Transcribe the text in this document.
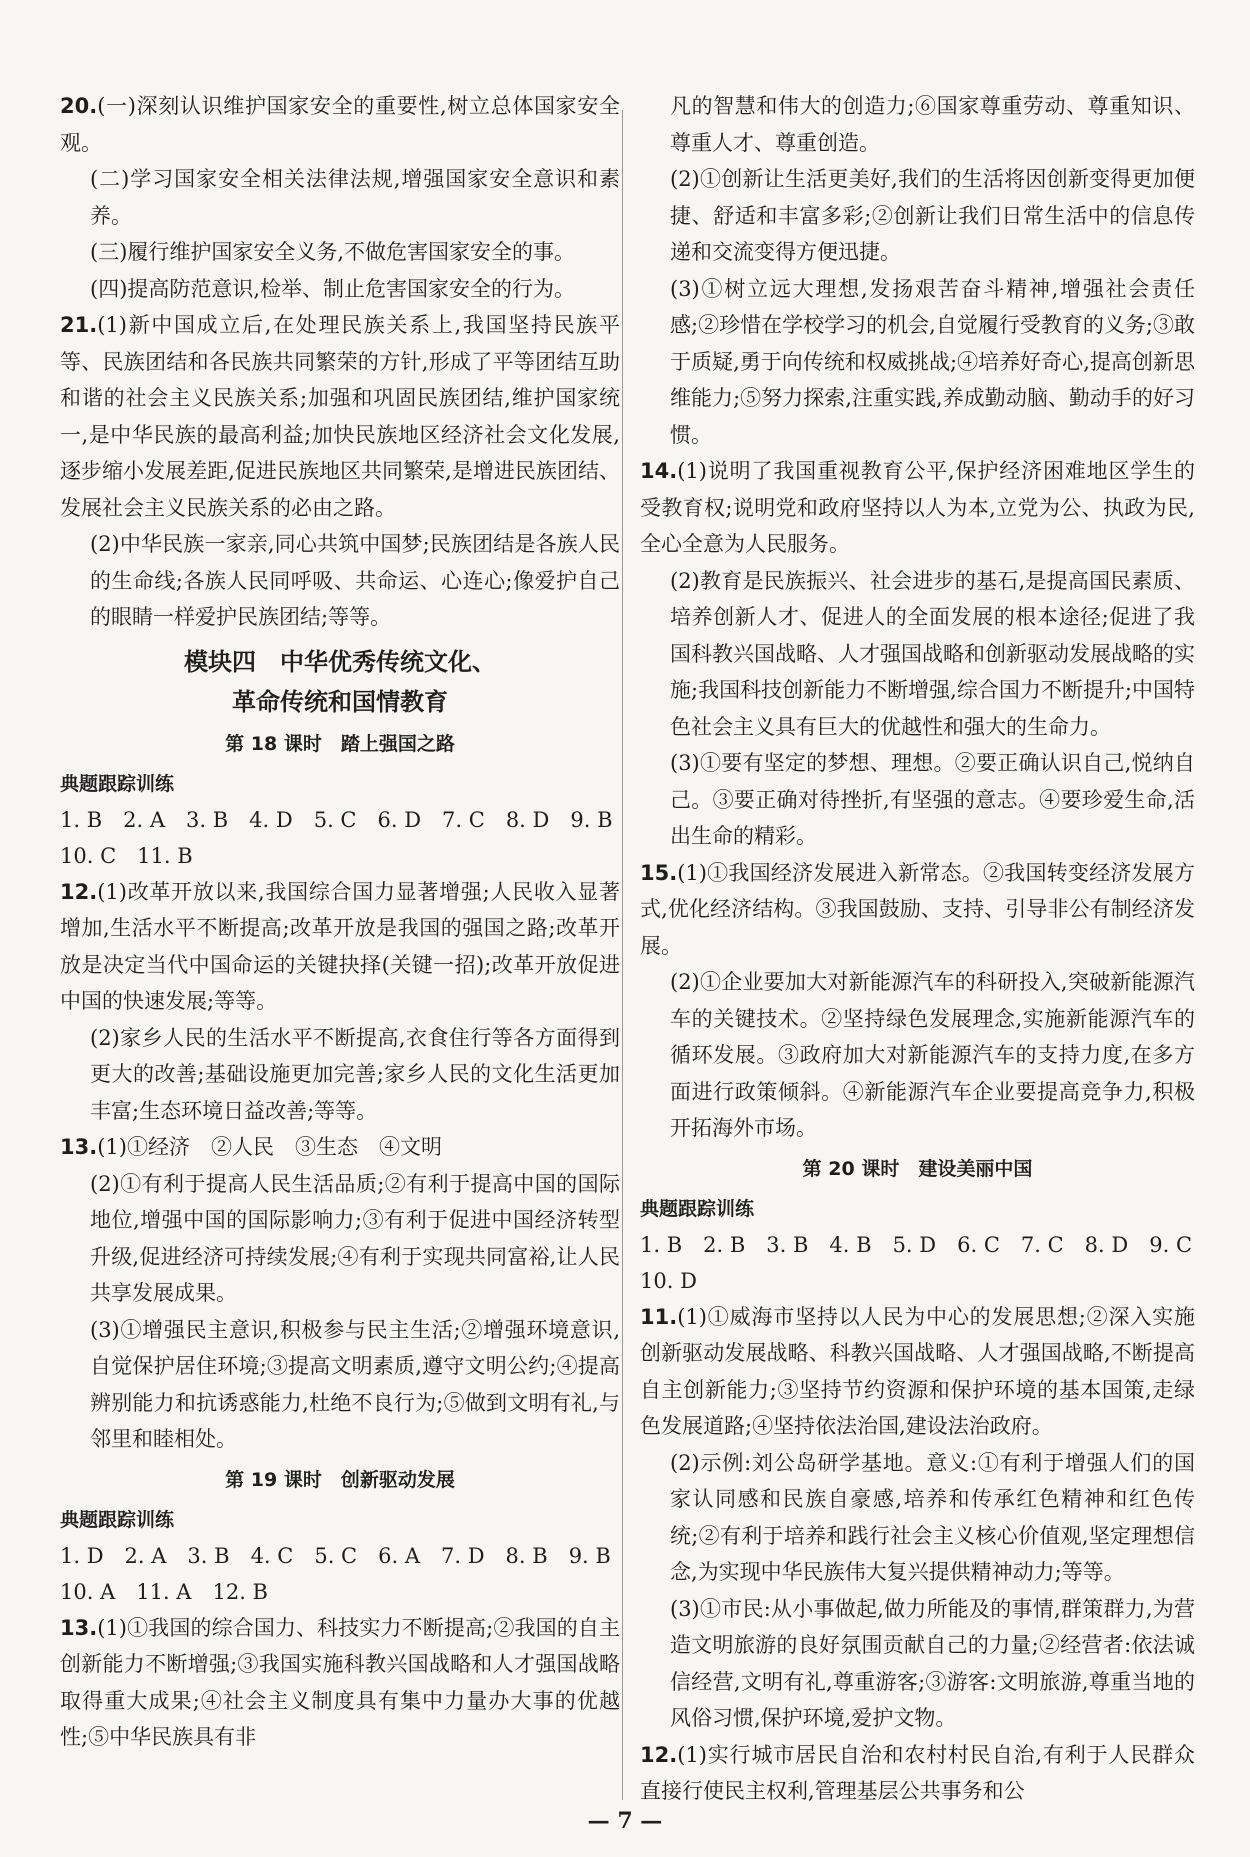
20.(一)深刻认识维护国家安全的重要性,树立总体国家安全观。
(二)学习国家安全相关法律法规,增强国家安全意识和素养。
(三)履行维护国家安全义务,不做危害国家安全的事。
(四)提高防范意识,检举、制止危害国家安全的行为。
21.(1)新中国成立后,在处理民族关系上,我国坚持民族平等、民族团结和各民族共同繁荣的方针,形成了平等团结互助和谐的社会主义民族关系;加强和巩固民族团结,维护国家统一,是中华民族的最高利益;加快民族地区经济社会文化发展,逐步缩小发展差距,促进民族地区共同繁荣,是增进民族团结、发展社会主义民族关系的必由之路。
(2)中华民族一家亲,同心共筑中国梦;民族团结是各族人民的生命线;各族人民同呼吸、共命运、心连心;像爱护自己的眼睛一样爱护民族团结;等等。
模块四　中华优秀传统文化、
革命传统和国情教育
第 18 课时　踏上强国之路
典题跟踪训练
1. B　2. A　3. B　4. D　5. C　6. D　7. C　8. D　9. B
10. C　11. B
12.(1)改革开放以来,我国综合国力显著增强;人民收入显著增加,生活水平不断提高;改革开放是我国的强国之路;改革开放是决定当代中国命运的关键抉择(关键一招);改革开放促进中国的快速发展;等等。
(2)家乡人民的生活水平不断提高,衣食住行等各方面得到更大的改善;基础设施更加完善;家乡人民的文化生活更加丰富;生态环境日益改善;等等。
13.(1)①经济　②人民　③生态　④文明
(2)①有利于提高人民生活品质;②有利于提高中国的国际地位,增强中国的国际影响力;③有利于促进中国经济转型升级,促进经济可持续发展;④有利于实现共同富裕,让人民共享发展成果。
(3)①增强民主意识,积极参与民主生活;②增强环境意识,自觉保护居住环境;③提高文明素质,遵守文明公约;④提高辨别能力和抗诱惑能力,杜绝不良行为;⑤做到文明有礼,与邻里和睦相处。
第 19 课时　创新驱动发展
典题跟踪训练
1. D　2. A　3. B　4. C　5. C　6. A　7. D　8. B　9. B
10. A　11. A　12. B
13.(1)①我国的综合国力、科技实力不断提高;②我国的自主创新能力不断增强;③我国实施科教兴国战略和人才强国战略取得重大成果;④社会主义制度具有集中力量办大事的优越性;⑤中华民族具有非
凡的智慧和伟大的创造力;⑥国家尊重劳动、尊重知识、尊重人才、尊重创造。
(2)①创新让生活更美好,我们的生活将因创新变得更加便捷、舒适和丰富多彩;②创新让我们日常生活中的信息传递和交流变得方便迅捷。
(3)①树立远大理想,发扬艰苦奋斗精神,增强社会责任感;②珍惜在学校学习的机会,自觉履行受教育的义务;③敢于质疑,勇于向传统和权威挑战;④培养好奇心,提高创新思维能力;⑤努力探索,注重实践,养成勤动脑、勤动手的好习惯。
14.(1)说明了我国重视教育公平,保护经济困难地区学生的受教育权;说明党和政府坚持以人为本,立党为公、执政为民,全心全意为人民服务。
(2)教育是民族振兴、社会进步的基石,是提高国民素质、培养创新人才、促进人的全面发展的根本途径;促进了我国科教兴国战略、人才强国战略和创新驱动发展战略的实施;我国科技创新能力不断增强,综合国力不断提升;中国特色社会主义具有巨大的优越性和强大的生命力。
(3)①要有坚定的梦想、理想。②要正确认识自己,悦纳自己。③要正确对待挫折,有坚强的意志。④要珍爱生命,活出生命的精彩。
15.(1)①我国经济发展进入新常态。②我国转变经济发展方式,优化经济结构。③我国鼓励、支持、引导非公有制经济发展。
(2)①企业要加大对新能源汽车的科研投入,突破新能源汽车的关键技术。②坚持绿色发展理念,实施新能源汽车的循环发展。③政府加大对新能源汽车的支持力度,在多方面进行政策倾斜。④新能源汽车企业要提高竞争力,积极开拓海外市场。
第 20 课时　建设美丽中国
典题跟踪训练
1. B　2. B　3. B　4. B　5. D　6. C　7. C　8. D　9. C
10. D
11.(1)①威海市坚持以人民为中心的发展思想;②深入实施创新驱动发展战略、科教兴国战略、人才强国战略,不断提高自主创新能力;③坚持节约资源和保护环境的基本国策,走绿色发展道路;④坚持依法治国,建设法治政府。
(2)示例:刘公岛研学基地。意义:①有利于增强人们的国家认同感和民族自豪感,培养和传承红色精神和红色传统;②有利于培养和践行社会主义核心价值观,坚定理想信念,为实现中华民族伟大复兴提供精神动力;等等。
(3)①市民:从小事做起,做力所能及的事情,群策群力,为营造文明旅游的良好氛围贡献自己的力量;②经营者:依法诚信经营,文明有礼,尊重游客;③游客:文明旅游,尊重当地的风俗习惯,保护环境,爱护文物。
12.(1)实行城市居民自治和农村村民自治,有利于人民群众直接行使民主权利,管理基层公共事务和公
— 7 —
